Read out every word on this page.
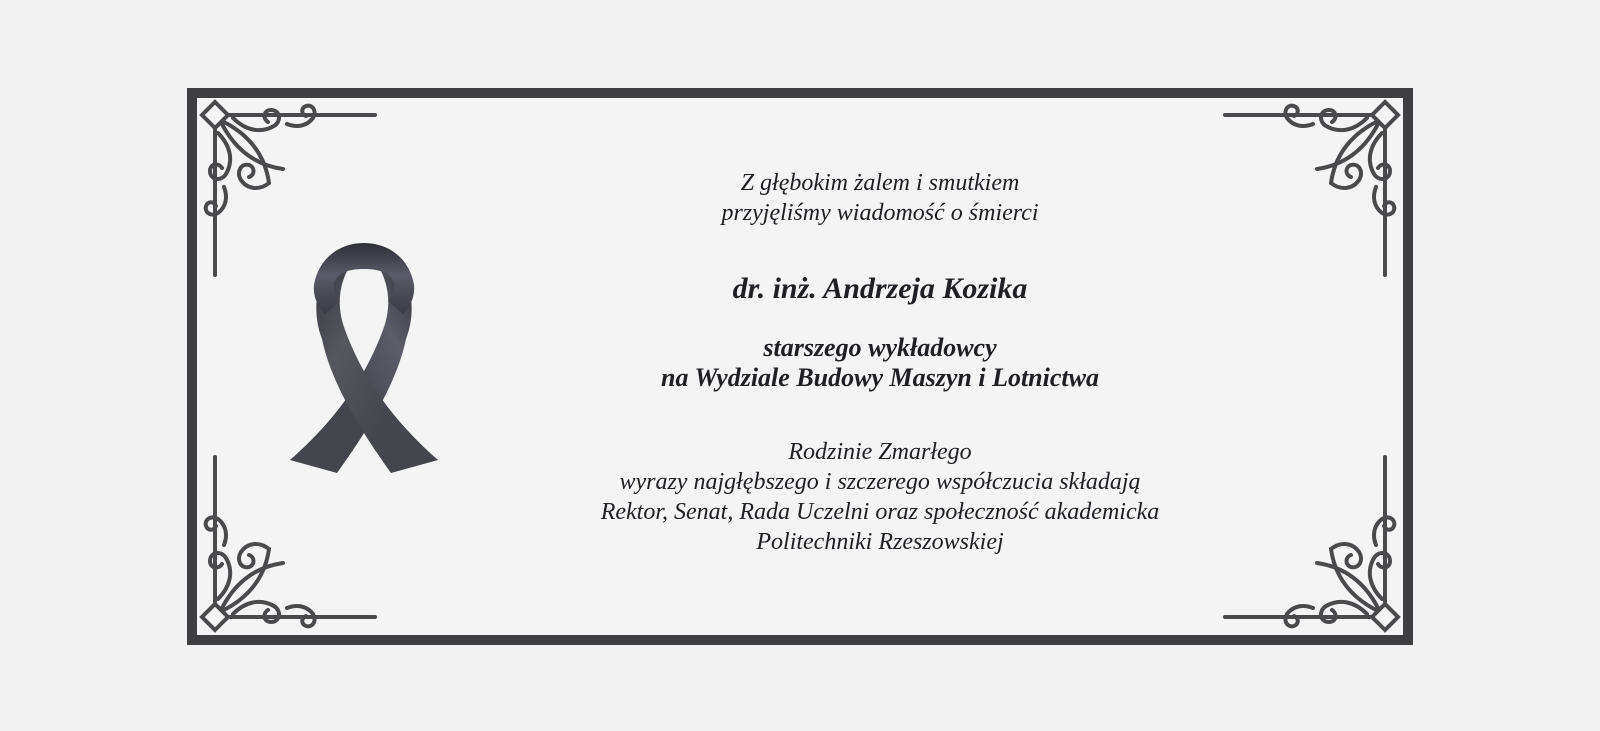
Z głębokim żalem i smutkiem
przyjęliśmy wiadomość o śmierci
dr. inż. Andrzeja Kozika
starszego wykładowcy
na Wydziale Budowy Maszyn i Lotnictwa
Rodzinie Zmarłego
wyrazy najgłębszego i szczerego współczucia składają
Rektor, Senat, Rada Uczelni oraz społeczność akademicka
Politechniki Rzeszowskiej
